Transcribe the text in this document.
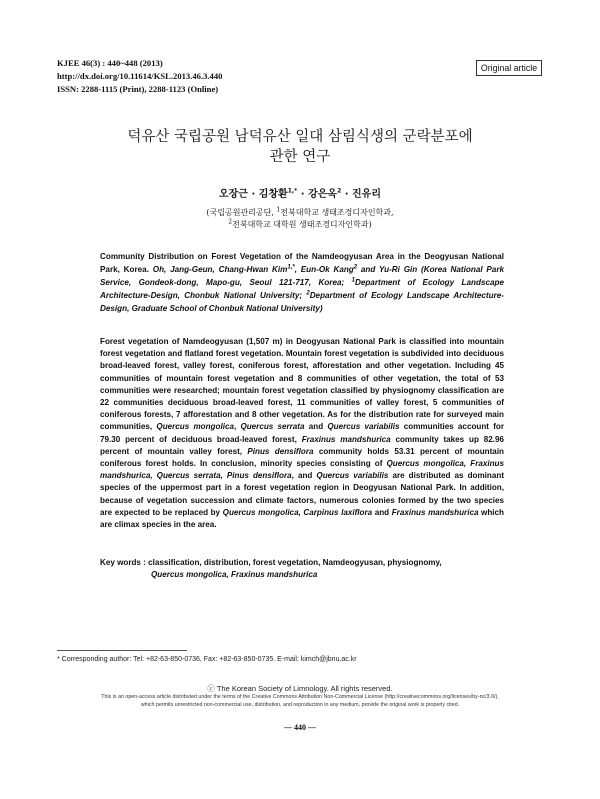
KJEE 46(3) : 440~448 (2013)
http://dx.doi.org/10.11614/KSL.2013.46.3.440
ISSN: 2288-1115 (Print), 2288-1123 (Online)
Original article
덕유산 국립공원 남덕유산 일대 삼림식생의 군락분포에
관한 연구
오장근 · 김창환$^{1,*}$ · 강은옥$^2$ · 진유리
(국립공원관리공단, $^1$전북대학교 생태조경디자인학과,
$^2$전북대학교 대학원 생태조경디자인학과)
Community Distribution on Forest Vegetation of the Namdeogyusan Area in the Deogyusan National Park, Korea. Oh, Jang-Geun, Chang-Hwan Kim$^{1,*}$, Eun-Ok Kang$^2$ and Yu-Ri Gin (Korea National Park Service, Gondeok-dong, Mapo-gu, Seoul 121-717, Korea; $^1$Department of Ecology Landscape Architecture-Design, Chonbuk National University; $^2$Department of Ecology Landscape Architecture-Design, Graduate School of Chonbuk National University)
Forest vegetation of Namdeogyusan (1,507 m) in Deogyusan National Park is classified into mountain forest vegetation and flatland forest vegetation. Mountain forest vegetation is subdivided into deciduous broad-leaved forest, valley forest, coniferous forest, afforestation and other vegetation. Including 45 communities of mountain forest vegetation and 8 communities of other vegetation, the total of 53 communities were researched; mountain forest vegetation classified by physiognomy classification are 22 communities deciduous broad-leaved forest, 11 communities of valley forest, 5 communities of coniferous forests, 7 afforestation and 8 other vegetation. As for the distribution rate for surveyed main communities, Quercus mongolica, Quercus serrata and Quercus variabilis communities account for 79.30 percent of deciduous broad-leaved forest, Fraxinus mandshurica community takes up 82.96 percent of mountain valley forest, Pinus densiflora community holds 53.31 percent of mountain coniferous forest holds. In conclusion, minority species consisting of Quercus mongolica, Fraxinus mandshurica, Quercus serrata, Pinus densiflora, and Quercus variabilis are distributed as dominant species of the uppermost part in a forest vegetation region in Deogyusan National Park. In addition, because of vegetation succession and climate factors, numerous colonies formed by the two species are expected to be replaced by Quercus mongolica, Carpinus laxiflora and Fraxinus mandshurica which are climax species in the area.
Key words : classification, distribution, forest vegetation, Namdeogyusan, physiognomy,
Quercus mongolica, Fraxinus mandshurica
* Corresponding author: Tel: +82-63-850-0736, Fax: +82-63-850-0735. E-mail: kimch@jbnu.ac.kr
ⓒ The Korean Society of Limnology. All rights reserved.
This is an open-access article distributed under the terms of the Creative Commons Attribution Non-Commercial License (http://creativecommons.org/licenses/by-nc/3.0/),
which permits unrestricted non-commercial use, distribution, and reproduction in any medium, provide the original work is properly cited.
— 440 —
